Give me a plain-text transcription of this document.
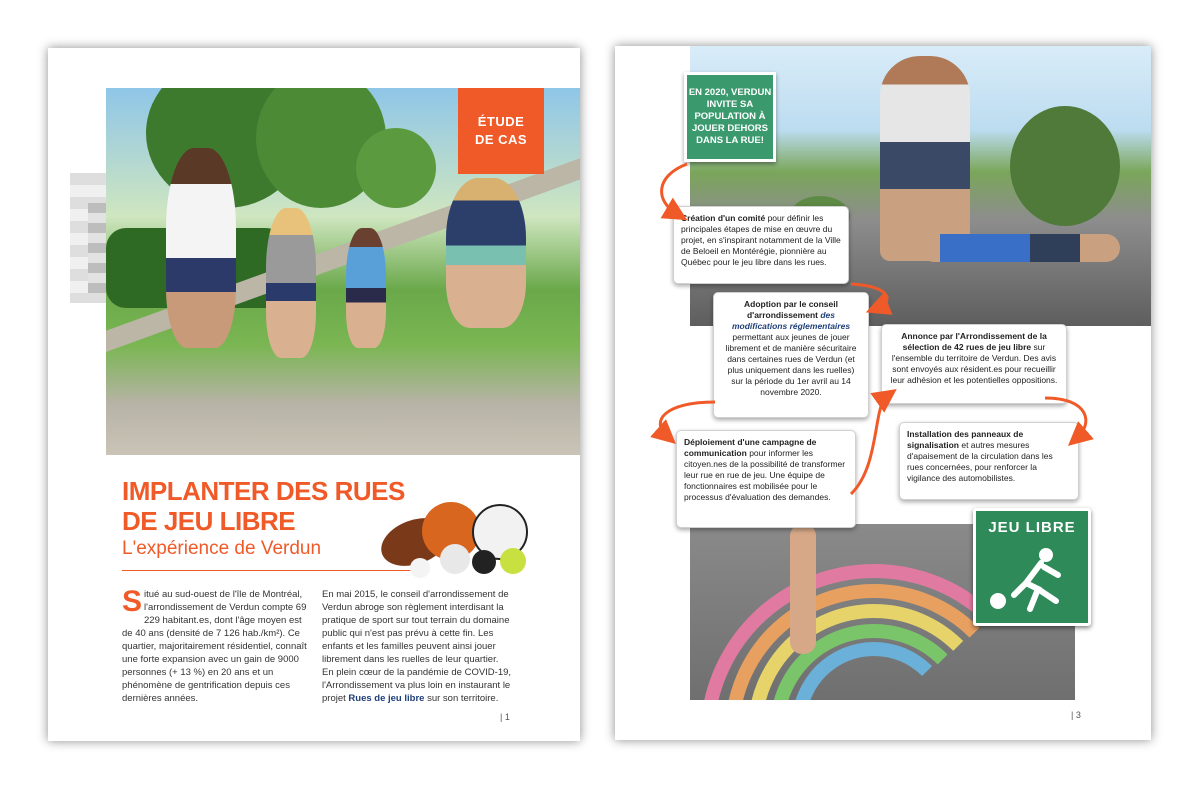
ÉTUDE
DE CAS
IMPLANTER DES RUES
DE JEU LIBRE
L'expérience de Verdun
Situé au sud-ouest de l'île de Montréal, l'arrondissement de Verdun compte 69 229 habitant.es, dont l'âge moyen est de 40 ans (densité de 7 126 hab./km²). Ce quartier, majoritairement résidentiel, connaît une forte expansion avec un gain de 9000 personnes (+ 13 %) en 20 ans et un phénomène de gentrification depuis ces dernières années.
En mai 2015, le conseil d'arrondissement de Verdun abroge son règlement interdisant la pratique de sport sur tout terrain du domaine public qui n'est pas prévu à cette fin. Les enfants et les familles peuvent ainsi jouer librement dans les ruelles de leur quartier. En plein cœur de la pandémie de COVID-19, l'Arrondissement va plus loin en instaurant le projet Rues de jeu libre sur son territoire.
| 1
EN 2020, VERDUN INVITE SA POPULATION À JOUER DEHORS DANS LA RUE!
Création d'un comité pour définir les principales étapes de mise en œuvre du projet, en s'inspirant notamment de la Ville de Beloeil en Montérégie, pionnière au Québec pour le jeu libre dans les rues.
Adoption par le conseil d'arrondissement des modifications réglementaires permettant aux jeunes de jouer librement et de manière sécuritaire dans certaines rues de Verdun (et plus uniquement dans les ruelles) sur la période du 1er avril au 14 novembre 2020.
Annonce par l'Arrondissement de la sélection de 42 rues de jeu libre sur l'ensemble du territoire de Verdun. Des avis sont envoyés aux résident.es pour recueillir leur adhésion et les potentielles oppositions.
Déploiement d'une campagne de communication pour informer les citoyen.nes de la possibilité de transformer leur rue en rue de jeu. Une équipe de fonctionnaires est mobilisée pour le processus d'évaluation des demandes.
Installation des panneaux de signalisation et autres mesures d'apaisement de la circulation dans les rues concernées, pour renforcer la vigilance des automobilistes.
JEU LIBRE
| 3
